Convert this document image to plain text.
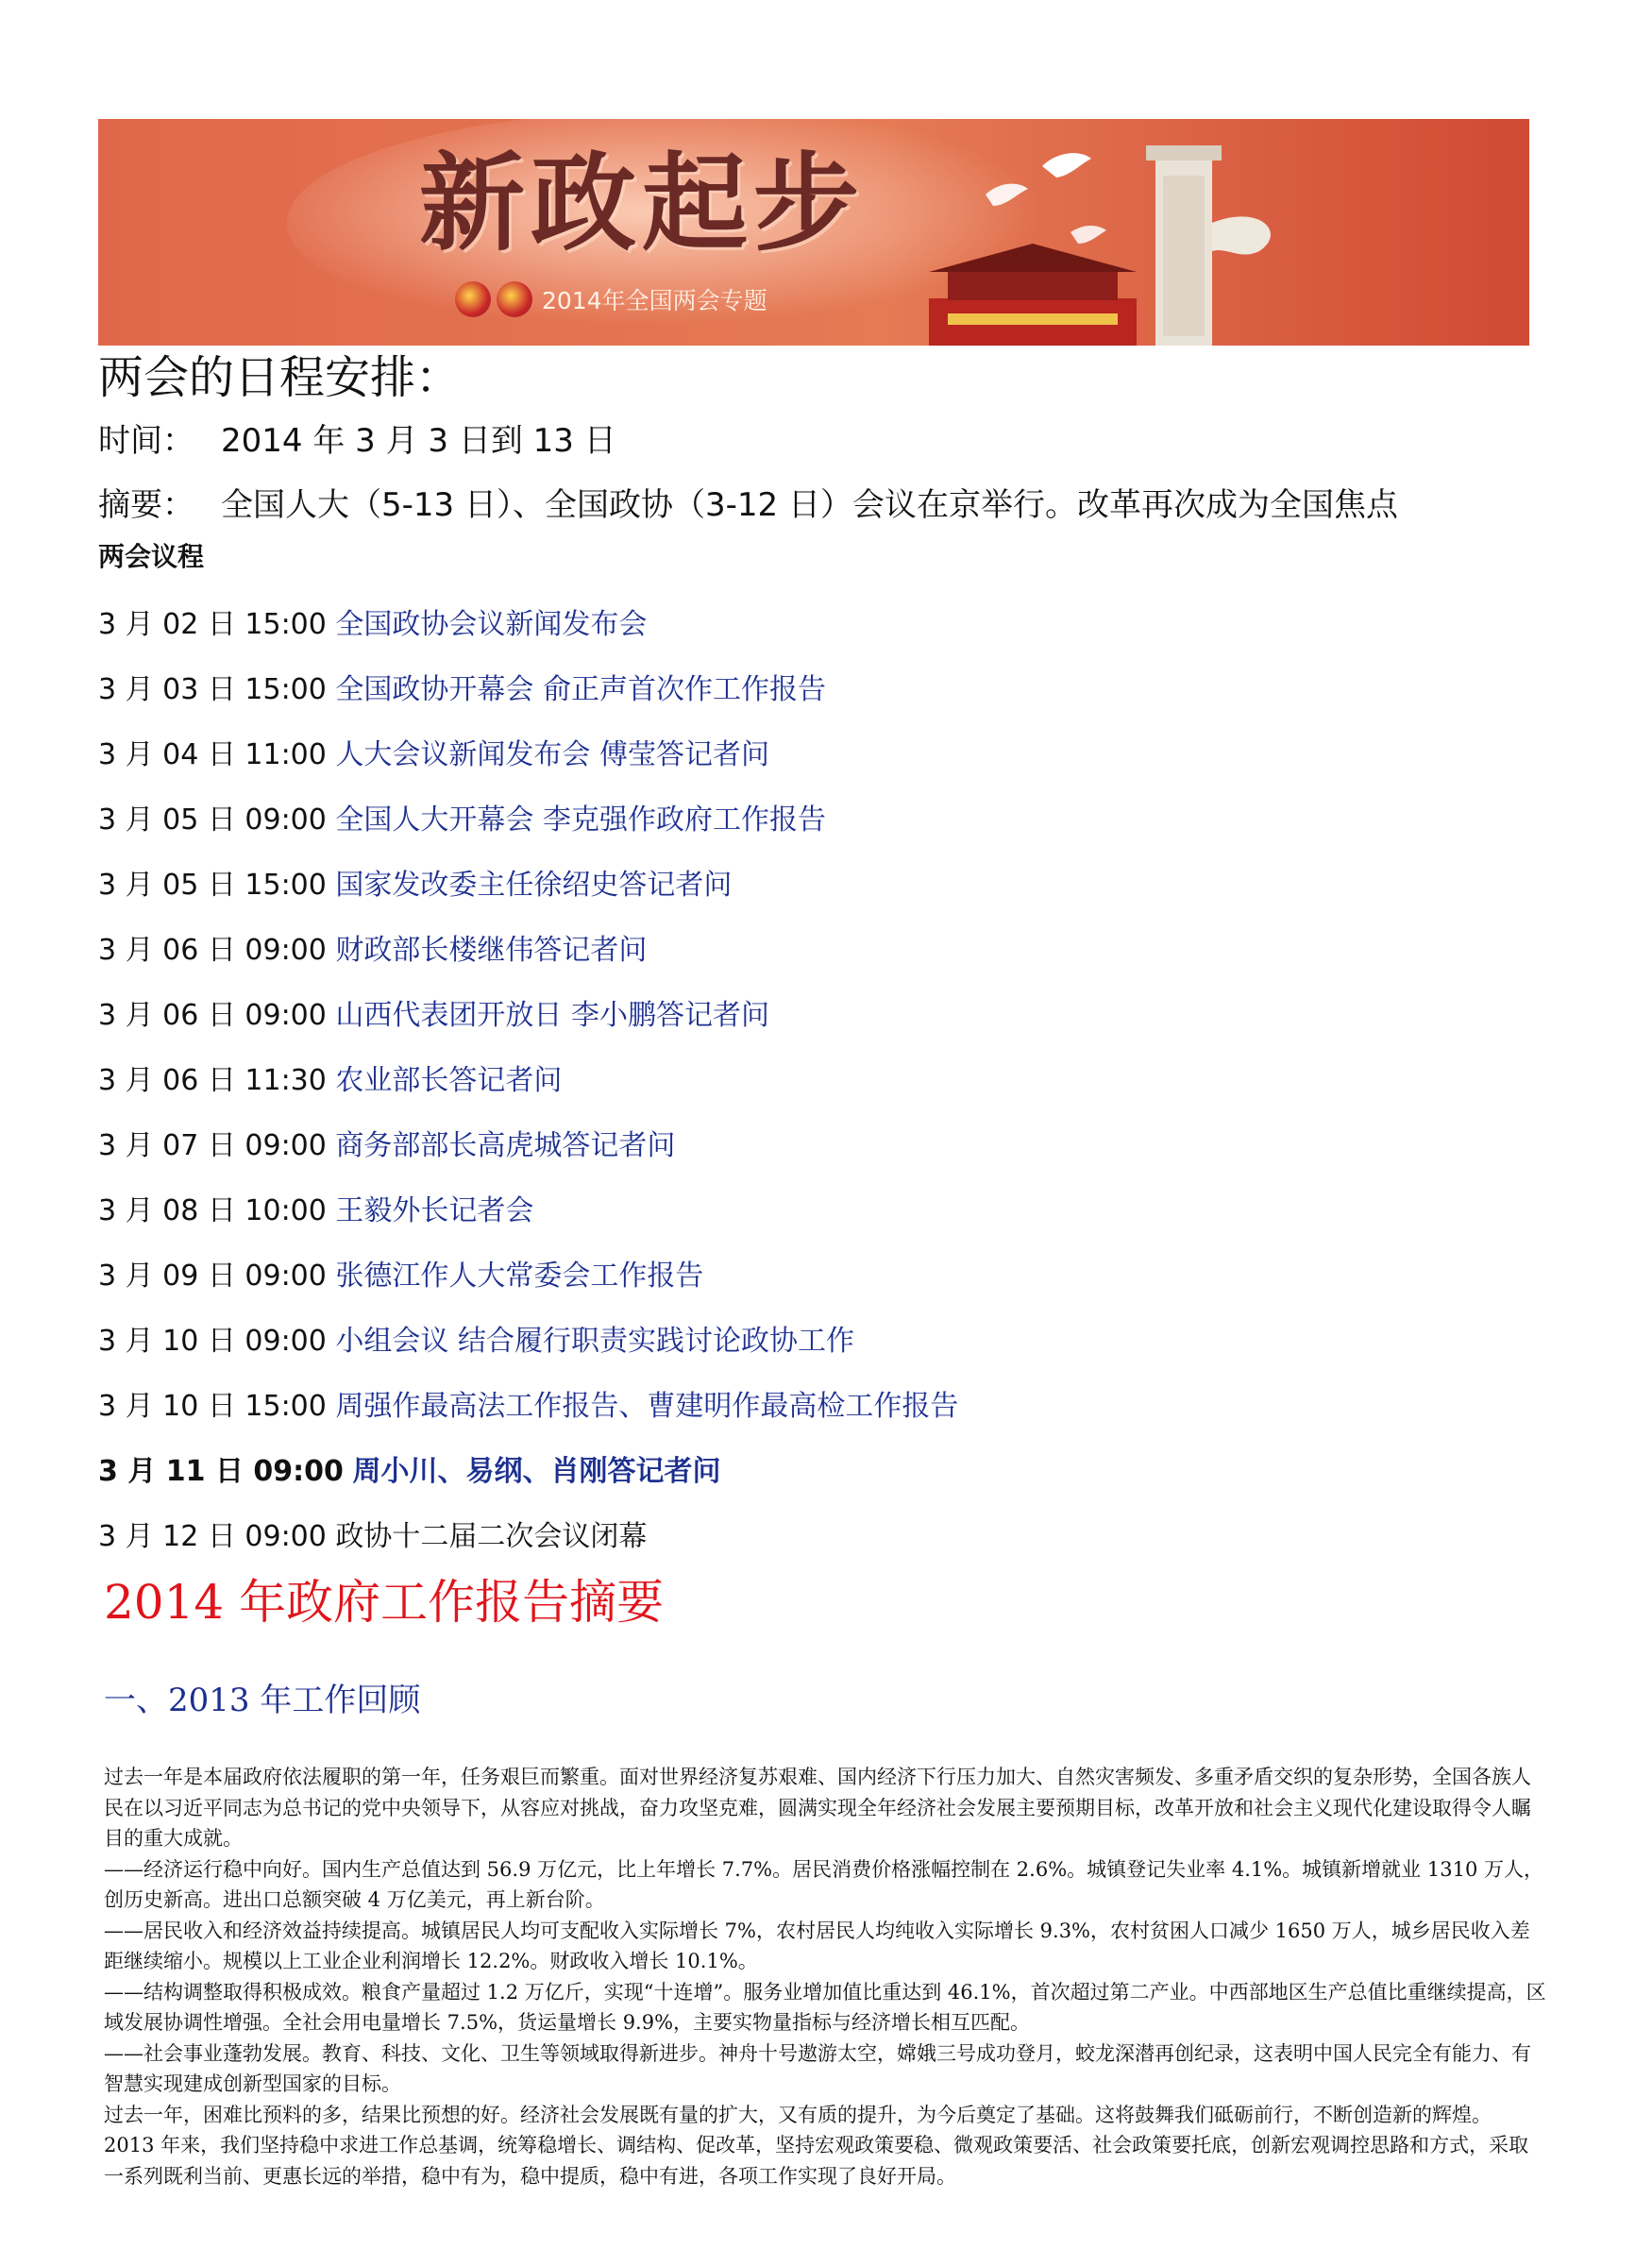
新政起步
2014年全国两会专题
两会的日程安排：
时间： 2014 年 3 月 3 日到 13 日
摘要： 全国人大（5-13 日）、全国政协（3-12 日）会议在京举行。改革再次成为全国焦点
两会议程
3 月 02 日 15:00 全国政协会议新闻发布会
3 月 03 日 15:00 全国政协开幕会 俞正声首次作工作报告
3 月 04 日 11:00 人大会议新闻发布会 傅莹答记者问
3 月 05 日 09:00 全国人大开幕会 李克强作政府工作报告
3 月 05 日 15:00 国家发改委主任徐绍史答记者问
3 月 06 日 09:00 财政部长楼继伟答记者问
3 月 06 日 09:00 山西代表团开放日 李小鹏答记者问
3 月 06 日 11:30 农业部长答记者问
3 月 07 日 09:00 商务部部长高虎城答记者问
3 月 08 日 10:00 王毅外长记者会
3 月 09 日 09:00 张德江作人大常委会工作报告
3 月 10 日 09:00 小组会议 结合履行职责实践讨论政协工作
3 月 10 日 15:00 周强作最高法工作报告、曹建明作最高检工作报告
3 月 11 日 09:00 周小川、易纲、肖刚答记者问
3 月 12 日 09:00 政协十二届二次会议闭幕
2014 年政府工作报告摘要
一、2013 年工作回顾

过去一年是本届政府依法履职的第一年，任务艰巨而繁重。面对世界经济复苏艰难、国内经济下行压力加大、自然灾害频发、多重矛盾交织的复杂形势，全国各族人民在以习近平同志为总书记的党中央领导下，从容应对挑战，奋力攻坚克难，圆满实现全年经济社会发展主要预期目标，改革开放和社会主义现代化建设取得令人瞩目的重大成就。

——经济运行稳中向好。国内生产总值达到 56.9 万亿元，比上年增长 7.7%。居民消费价格涨幅控制在 2.6%。城镇登记失业率 4.1%。城镇新增就业 1310 万人，创历史新高。进出口总额突破 4 万亿美元，再上新台阶。

——居民收入和经济效益持续提高。城镇居民人均可支配收入实际增长 7%，农村居民人均纯收入实际增长 9.3%，农村贫困人口减少 1650 万人，城乡居民收入差距继续缩小。规模以上工业企业利润增长 12.2%。财政收入增长 10.1%。

——结构调整取得积极成效。粮食产量超过 1.2 万亿斤，实现“十连增”。服务业增加值比重达到 46.1%，首次超过第二产业。中西部地区生产总值比重继续提高，区域发展协调性增强。全社会用电量增长 7.5%，货运量增长 9.9%，主要实物量指标与经济增长相互匹配。

——社会事业蓬勃发展。教育、科技、文化、卫生等领域取得新进步。神舟十号遨游太空，嫦娥三号成功登月，蛟龙深潜再创纪录，这表明中国人民完全有能力、有智慧实现建成创新型国家的目标。

过去一年，困难比预料的多，结果比预想的好。经济社会发展既有量的扩大，又有质的提升，为今后奠定了基础。这将鼓舞我们砥砺前行，不断创造新的辉煌。

2013 年来，我们坚持稳中求进工作总基调，统筹稳增长、调结构、促改革，坚持宏观政策要稳、微观政策要活、社会政策要托底，创新宏观调控思路和方式，采取一系列既利当前、更惠长远的举措，稳中有为，稳中提质，稳中有进，各项工作实现了良好开局。
